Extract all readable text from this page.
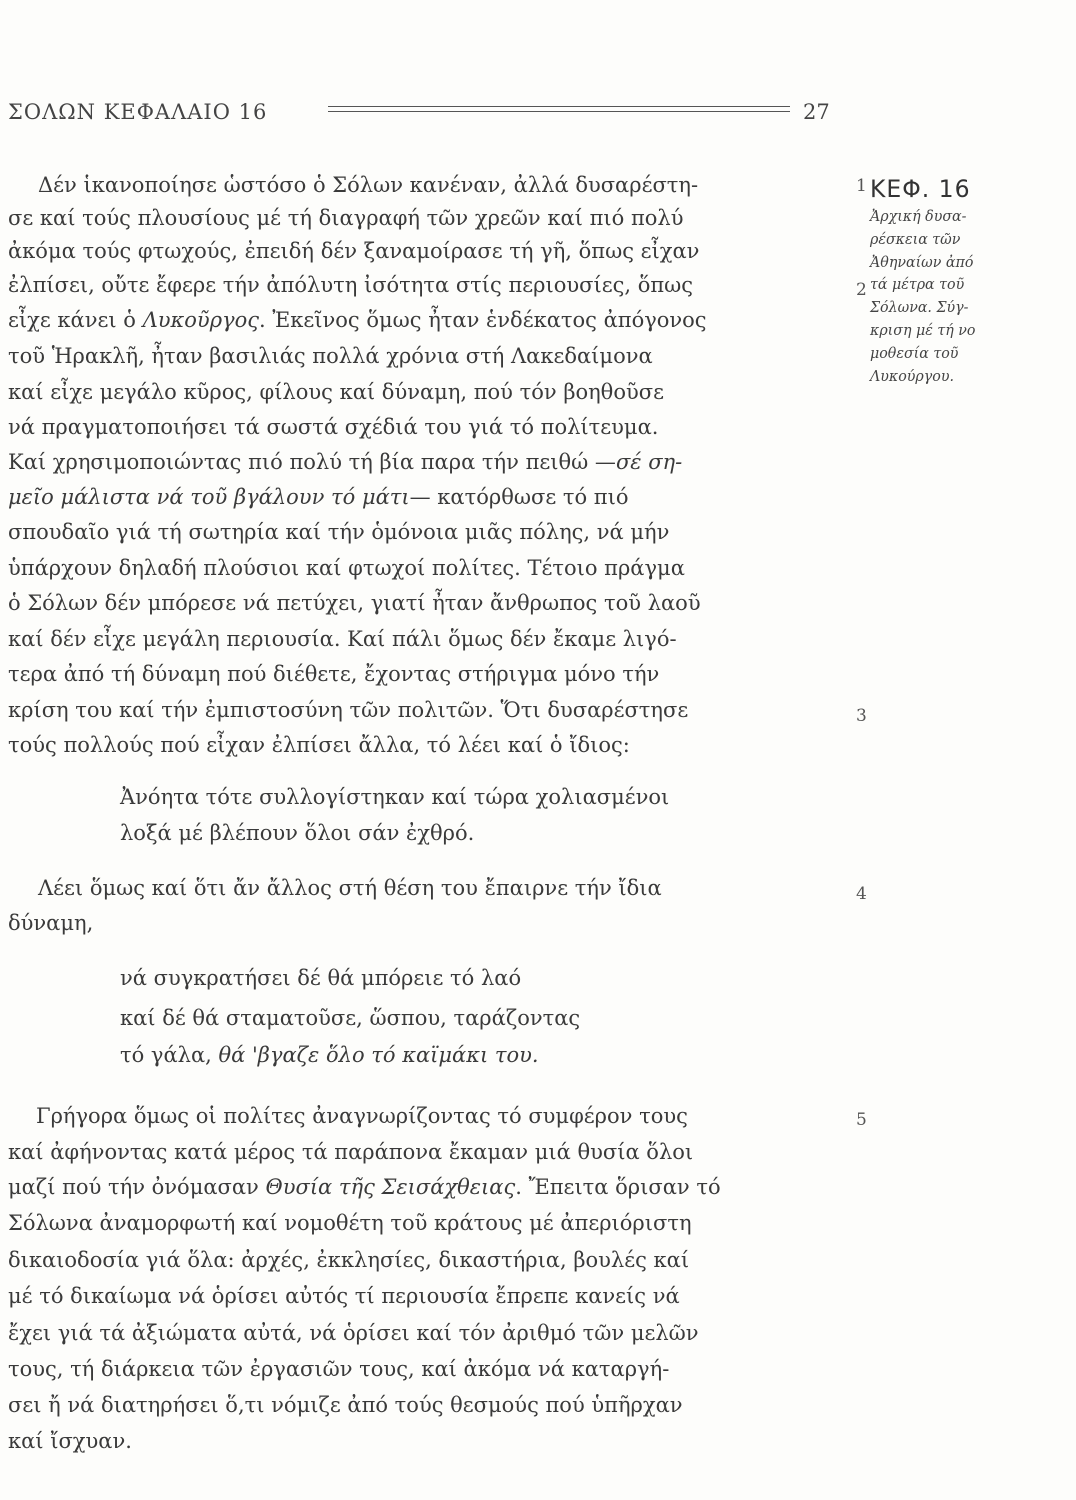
ΣΟΛΩΝ ΚΕΦΑΛΑΙΟ 16	27
Δέν ἱκανοποίησε ὡστόσο ὁ Σόλων κανέναν, ἀλλά δυσαρέστη-
σε καί τούς πλουσίους μέ τή διαγραφή τῶν χρεῶν καί πιό πολύ
ἀκόμα τούς φτωχούς, ἐπειδή δέν ξαναμοίρασε τή γῆ, ὅπως εἶχαν
ἐλπίσει, οὔτε ἔφερε τήν ἀπόλυτη ἰσότητα στίς περιουσίες, ὅπως
εἶχε κάνει ὁ Λυκοῦργος. Ἐκεῖνος ὅμως ἦταν ἑνδέκατος ἀπόγονος
τοῦ Ἡρακλῆ, ἦταν βασιλιάς πολλά χρόνια στή Λακεδαίμονα
καί εἶχε μεγάλο κῦρος, φίλους καί δύναμη, πού τόν βοηθοῦσε
νά πραγματοποιήσει τά σωστά σχέδιά του γιά τό πολίτευμα.
Καί χρησιμοποιώντας πιό πολύ τή βία παρα τήν πειθώ —σέ ση-
μεῖο μάλιστα νά τοῦ βγάλουν τό μάτι— κατόρθωσε τό πιό
σπουδαῖο γιά τή σωτηρία καί τήν ὁμόνοια μιᾶς πόλης, νά μήν
ὑπάρχουν δηλαδή πλούσιοι καί φτωχοί πολίτες. Τέτοιο πράγμα
ὁ Σόλων δέν μπόρεσε νά πετύχει, γιατί ἦταν ἄνθρωπος τοῦ λαοῦ
καί δέν εἶχε μεγάλη περιουσία. Καί πάλι ὅμως δέν ἔκαμε λιγό-
τερα ἀπό τή δύναμη πού διέθετε, ἔχοντας στήριγμα μόνο τήν
κρίση του καί τήν ἐμπιστοσύνη τῶν πολιτῶν. Ὅτι δυσαρέστησε
τούς πολλούς πού εἶχαν ἐλπίσει ἄλλα, τό λέει καί ὁ ἴδιος:
Ἀνόητα τότε συλλογίστηκαν καί τώρα χολιασμένοι
λοξά μέ βλέπουν ὅλοι σάν ἐχθρό.
Λέει ὅμως καί ὅτι ἄν ἄλλος στή θέση του ἔπαιρνε τήν ἴδια
δύναμη,
νά συγκρατήσει δέ θά μπόρειε τό λαό
καί δέ θά σταματοῦσε, ὥσπου, ταράζοντας
τό γάλα, θά 'βγαζε ὅλο τό καϊμάκι του.
Γρήγορα ὅμως οἱ πολίτες ἀναγνωρίζοντας τό συμφέρον τους
καί ἀφήνοντας κατά μέρος τά παράπονα ἔκαμαν μιά θυσία ὅλοι
μαζί πού τήν ὀνόμασαν Θυσία τῆς Σεισάχθειας. Ἔπειτα ὅρισαν τό
Σόλωνα ἀναμορφωτή καί νομοθέτη τοῦ κράτους μέ ἀπεριόριστη
δικαιοδοσία γιά ὅλα: ἀρχές, ἐκκλησίες, δικαστήρια, βουλές καί
μέ τό δικαίωμα νά ὁρίσει αὐτός τί περιουσία ἔπρεπε κανείς νά
ἔχει γιά τά ἀξιώματα αὐτά, νά ὁρίσει καί τόν ἀριθμό τῶν μελῶν
τους, τή διάρκεια τῶν ἐργασιῶν τους, καί ἀκόμα νά καταργή-
σει ἤ νά διατηρήσει ὅ,τι νόμιζε ἀπό τούς θεσμούς πού ὑπῆρχαν
καί ἴσχυαν.
1
2
3
4
5
ΚΕΦ. 16
Ἀρχική δυσα-
ρέσκεια τῶν
Ἀθηναίων ἀπό
τά μέτρα τοῦ
Σόλωνα. Σύγ-
κριση μέ τή νο
μοθεσία τοῦ
Λυκούργου.
